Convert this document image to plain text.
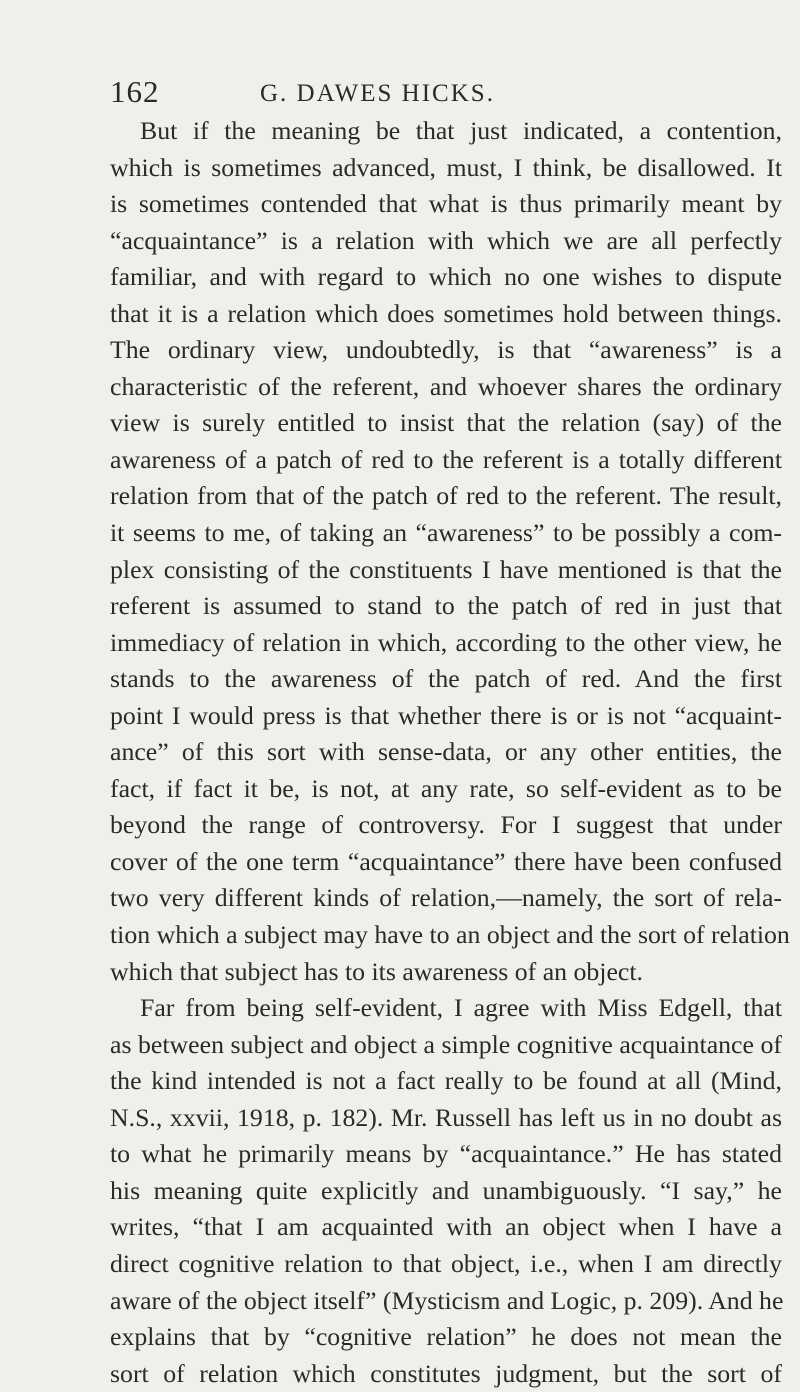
162	G. DAWES HICKS.

But if the meaning be that just indicated, a contention,
which is sometimes advanced, must, I think, be disallowed. It
is sometimes contended that what is thus primarily meant by
“acquaintance” is a relation with which we are all perfectly
familiar, and with regard to which no one wishes to dispute
that it is a relation which does sometimes hold between things.
The ordinary view, undoubtedly, is that “awareness” is a
characteristic of the referent, and whoever shares the ordinary
view is surely entitled to insist that the relation (say) of the
awareness of a patch of red to the referent is a totally different
relation from that of the patch of red to the referent. The result,
it seems to me, of taking an “awareness” to be possibly a com-
plex consisting of the constituents I have mentioned is that the
referent is assumed to stand to the patch of red in just that
immediacy of relation in which, according to the other view, he
stands to the awareness of the patch of red. And the first
point I would press is that whether there is or is not “acquaint-
ance” of this sort with sense-data, or any other entities, the
fact, if fact it be, is not, at any rate, so self-evident as to be
beyond the range of controversy. For I suggest that under
cover of the one term “acquaintance” there have been confused
two very different kinds of relation,—namely, the sort of rela-
tion which a subject may have to an object and the sort of relation
which that subject has to its awareness of an object.

Far from being self-evident, I agree with Miss Edgell, that
as between subject and object a simple cognitive acquaintance of
the kind intended is not a fact really to be found at all (Mind,
N.S., xxvii, 1918, p. 182). Mr. Russell has left us in no doubt as
to what he primarily means by “acquaintance.” He has stated
his meaning quite explicitly and unambiguously. “I say,” he
writes, “that I am acquainted with an object when I have a
direct cognitive relation to that object, i.e., when I am directly
aware of the object itself” (Mysticism and Logic, p. 209). And he
explains that by “cognitive relation” he does not mean the
sort of relation which constitutes judgment, but the sort of
